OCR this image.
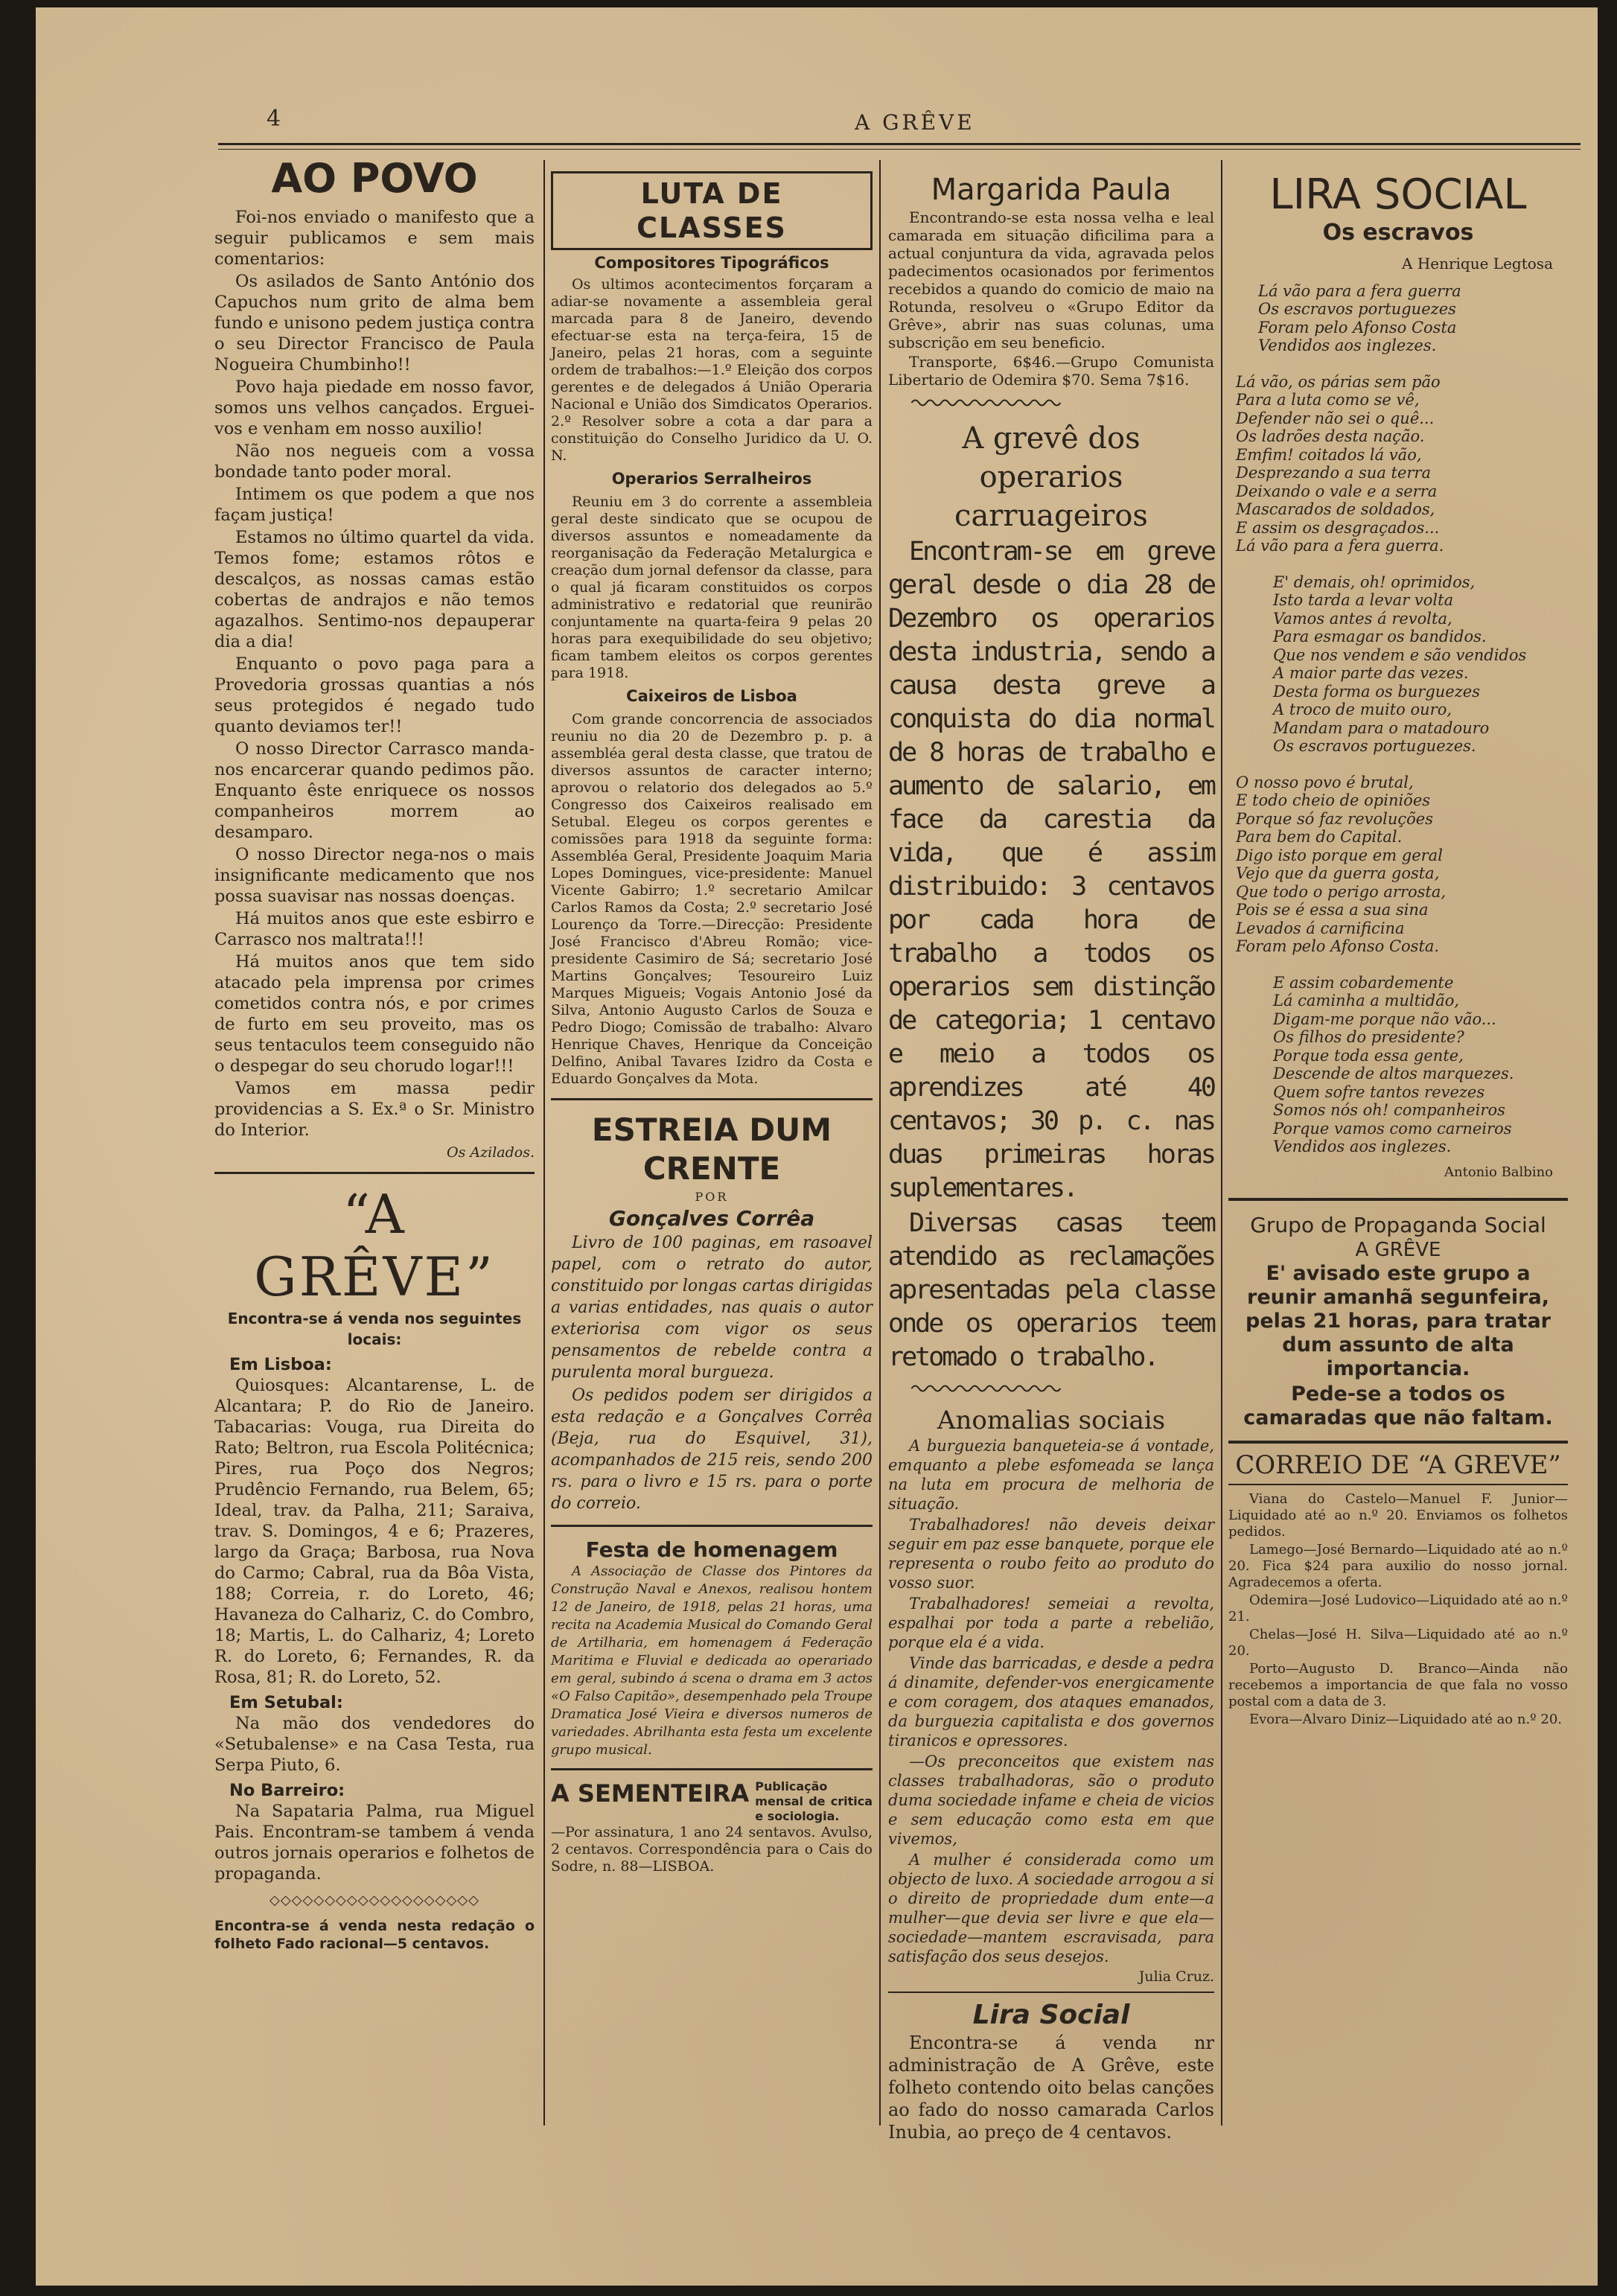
4	A GRÊVE
AO POVO

Foi-nos enviado o manifesto que a seguir publicamos e sem mais comentarios:

Os asilados de Santo António dos Capuchos num grito de alma bem fundo e unisono pedem justiça contra o seu Director Francisco de Paula Nogueira Chumbinho!!

Povo haja piedade em nosso favor, somos uns velhos cançados. Erguei-vos e venham em nosso auxilio!

Não nos negueis com a vossa bondade tanto poder moral.

Intimem os que podem a que nos façam justiça!

Estamos no último quartel da vida. Temos fome; estamos rôtos e descalços, as nossas camas estão cobertas de andrajos e não temos agazalhos. Sentimo-nos depauperar dia a dia!

Enquanto o povo paga para a Provedoria grossas quantias a nós seus protegidos é negado tudo quanto deviamos ter!!

O nosso Director Carrasco manda-nos encarcerar quando pedimos pão. Enquanto êste enriquece os nossos companheiros morrem ao desamparo.

O nosso Director nega-nos o mais insignificante medicamento que nos possa suavisar nas nossas doenças.

Há muitos anos que este esbirro e Carrasco nos maltrata!!!

Há muitos anos que tem sido atacado pela imprensa por crimes cometidos contra nós, e por crimes de furto em seu proveito, mas os seus tentaculos teem conseguido não o despegar do seu chorudo logar!!!

Vamos em massa pedir providencias a S. Ex.ª o Sr. Ministro do Interior.

Os Azilados.
“A GRÊVE”
Encontra-se á venda nos seguintes locais:
Em Lisboa:

Quiosques: Alcantarense, L. de Alcantara; P. do Rio de Janeiro. Tabacarias: Vouga, rua Direita do Rato; Beltron, rua Escola Politécnica; Pires, rua Poço dos Negros; Prudêncio Fernando, rua Belem, 65; Ideal, trav. da Palha, 211; Saraiva, trav. S. Domingos, 4 e 6; Prazeres, largo da Graça; Barbosa, rua Nova do Carmo; Cabral, rua da Bôa Vista, 188; Correia, r. do Loreto, 46; Havaneza do Calhariz, C. do Combro, 18; Martis, L. do Calhariz, 4; Loreto R. do Loreto, 6; Fernandes, R. da Rosa, 81; R. do Loreto, 52.

Em Setubal:

Na mão dos vendedores do «Setubalense» e na Casa Testa, rua Serpa Piuto, 6.

No Barreiro:

Na Sapataria Palma, rua Miguel Pais. Encontram-se tambem á venda outros jornais operarios e folhetos de propaganda.

◇◇◇◇◇◇◇◇◇◇◇◇◇◇◇◇◇◇◇

Encontra-se á venda nesta redação o folheto Fado racional—5 centavos.

LUTA DE CLASSES
Compositores Tipográficos

Os ultimos acontecimentos forçaram a adiar-se novamente a assembleia geral marcada para 8 de Janeiro, devendo efectuar-se esta na terça-feira, 15 de Janeiro, pelas 21 horas, com a seguinte ordem de trabalhos:—1.º Eleição dos corpos gerentes e de delegados á União Operaria Nacional e União dos Simdicatos Operarios. 2.º Resolver sobre a cota a dar para a constituição do Conselho Juridico da U. O. N.

Operarios Serralheiros

Reuniu em 3 do corrente a assembleia geral deste sindicato que se ocupou de diversos assuntos e nomeadamente da reorganisação da Federação Metalurgica e creação dum jornal defensor da classe, para o qual já ficaram constituidos os corpos administrativo e redatorial que reunirão conjuntamente na quarta-feira 9 pelas 20 horas para exequibilidade do seu objetivo; ficam tambem eleitos os corpos gerentes para 1918.

Caixeiros de Lisboa

Com grande concorrencia de associados reuniu no dia 20 de Dezembro p. p. a assembléa geral desta classe, que tratou de diversos assuntos de caracter interno; aprovou o relatorio dos delegados ao 5.º Congresso dos Caixeiros realisado em Setubal. Elegeu os corpos gerentes e comissões para 1918 da seguinte forma: Assembléa Geral, Presidente Joaquim Maria Lopes Domingues, vice-presidente: Manuel Vicente Gabirro; 1.º secretario Amilcar Carlos Ramos da Costa; 2.º secretario José Lourenço da Torre.—Direcção: Presidente José Francisco d'Abreu Romão; vice-presidente Casimiro de Sá; secretario José Martins Gonçalves; Tesoureiro Luiz Marques Migueis; Vogais Antonio José da Silva, Antonio Augusto Carlos de Souza e Pedro Diogo; Comissão de trabalho: Alvaro Henrique Chaves, Henrique da Conceição Delfino, Anibal Tavares Izidro da Costa e Eduardo Gonçalves da Mota.

ESTREIA DUM CRENTE
POR
Gonçalves Corrêa

Livro de 100 paginas, em rasoavel papel, com o retrato do autor, constituido por longas cartas dirigidas a varias entidades, nas quais o autor exteriorisa com vigor os seus pensamentos de rebelde contra a purulenta moral burgueza.

Os pedidos podem ser dirigidos a esta redação e a Gonçalves Corrêa (Beja, rua do Esquivel, 31), acompanhados de 215 reis, sendo 200 rs. para o livro e 15 rs. para o porte do correio.

Festa de homenagem

A Associação de Classe dos Pintores da Construção Naval e Anexos, realisou hontem 12 de Janeiro, de 1918, pelas 21 horas, uma recita na Academia Musical do Comando Geral de Artilharia, em homenagem á Federação Maritima e Fluvial e dedicada ao operariado em geral, subindo á scena o drama em 3 actos «O Falso Capitão», desempenhado pela Troupe Dramatica José Vieira e diversos numeros de variedades. Abrilhanta esta festa um excelente grupo musical.

A SEMENTEIRA Publicação mensal de critica e sociologia.

—Por assinatura, 1 ano 24 sentavos. Avulso, 2 centavos. Correspondência para o Cais do Sodre, n. 88—LISBOA.

Margarida Paula

Encontrando-se esta nossa velha e leal camarada em situação dificilima para a actual conjuntura da vida, agravada pelos padecimentos ocasionados por ferimentos recebidos a quando do comicio de maio na Rotunda, resolveu o «Grupo Editor da Grêve», abrir nas suas colunas, uma subscrição em seu beneficio.

Transporte, 6$46.—Grupo Comunista Libertario de Odemira $70. Sema 7$16.

A grevê dos operarios
carruageiros

Encontram-se em greve geral desde o dia 28 de Dezembro os operarios desta industria, sendo a causa desta greve a conquista do dia normal de 8 horas de trabalho e aumento de salario, em face da carestia da vida, que é assim distribuido: 3 centavos por cada hora de trabalho a todos os operarios sem distinção de categoria; 1 centavo e meio a todos os aprendizes até 40 centavos; 30 p. c. nas duas primeiras horas suplementares.

Diversas casas teem atendido as reclamações apresentadas pela classe onde os operarios teem retomado o trabalho.

Anomalias sociais

A burguezia banqueteia-se á vontade, emquanto a plebe esfomeada se lança na luta em procura de melhoria de situação.

Trabalhadores! não deveis deixar seguir em paz esse banquete, porque ele representa o roubo feito ao produto do vosso suor.

Trabalhadores! semeiai a revolta, espalhai por toda a parte a rebelião, porque ela é a vida.

Vinde das barricadas, e desde a pedra á dinamite, defender-vos energicamente e com coragem, dos ataques emanados, da burguezia capitalista e dos governos tiranicos e opressores.

—Os preconceitos que existem nas classes trabalhadoras, são o produto duma sociedade infame e cheia de vicios e sem educação como esta em que vivemos,

A mulher é considerada como um objecto de luxo. A sociedade arrogou a si o direito de propriedade dum ente—a mulher—que devia ser livre e que ela—sociedade—mantem escravisada, para satisfação dos seus desejos.

Julia Cruz.
Lira Social

Encontra-se á venda nr administração de A Grêve, este folheto contendo oito belas canções ao fado do nosso camarada Carlos Inubia, ao preço de 4 centavos.

LIRA SOCIAL
Os escravos
A Henrique Legtosa

Lá vão para a fera guerra

Os escravos portuguezes

Foram pelo Afonso Costa

Vendidos aos inglezes.

Lá vão, os párias sem pão

Para a luta como se vê,

Defender não sei o quê...

Os ladrões desta nação.

Emfim! coitados lá vão,

Desprezando a sua terra

Deixando o vale e a serra

Mascarados de soldados,

E assim os desgraçados...

Lá vão para a fera guerra.

E' demais, oh! oprimidos,

Isto tarda a levar volta

Vamos antes á revolta,

Para esmagar os bandidos.

Que nos vendem e são vendidos

A maior parte das vezes.

Desta forma os burguezes

A troco de muito ouro,

Mandam para o matadouro

Os escravos portuguezes.

O nosso povo é brutal,

E todo cheio de opiniões

Porque só faz revoluções

Para bem do Capital.

Digo isto porque em geral

Vejo que da guerra gosta,

Que todo o perigo arrosta,

Pois se é essa a sua sina

Levados á carnificina

Foram pelo Afonso Costa.

E assim cobardemente

Lá caminha a multidão,

Digam-me porque não vão...

Os filhos do presidente?

Porque toda essa gente,

Descende de altos marquezes.

Quem sofre tantos revezes

Somos nós oh! companheiros

Porque vamos como carneiros

Vendidos aos inglezes.

Antonio Balbino
Grupo de Propaganda Social
A GRÊVE

E' avisado este grupo a reunir amanhã segunfeira, pelas 21 horas, para tratar dum assunto de alta importancia.

Pede-se a todos os camaradas que não faltam.

CORREIO DE “A GREVE”

Viana do Castelo—Manuel F. Junior—Liquidado até ao n.º 20. Enviamos os folhetos pedidos.

Lamego—José Bernardo—Liquidado até ao n.º 20. Fica $24 para auxilio do nosso jornal. Agradecemos a oferta.

Odemira—José Ludovico—Liquidado até ao n.º 21.

Chelas—José H. Silva—Liquidado até ao n.º 20.

Porto—Augusto D. Branco—Ainda não recebemos a importancia de que fala no vosso postal com a data de 3.

Evora—Alvaro Diniz—Liquidado até ao n.º 20.
